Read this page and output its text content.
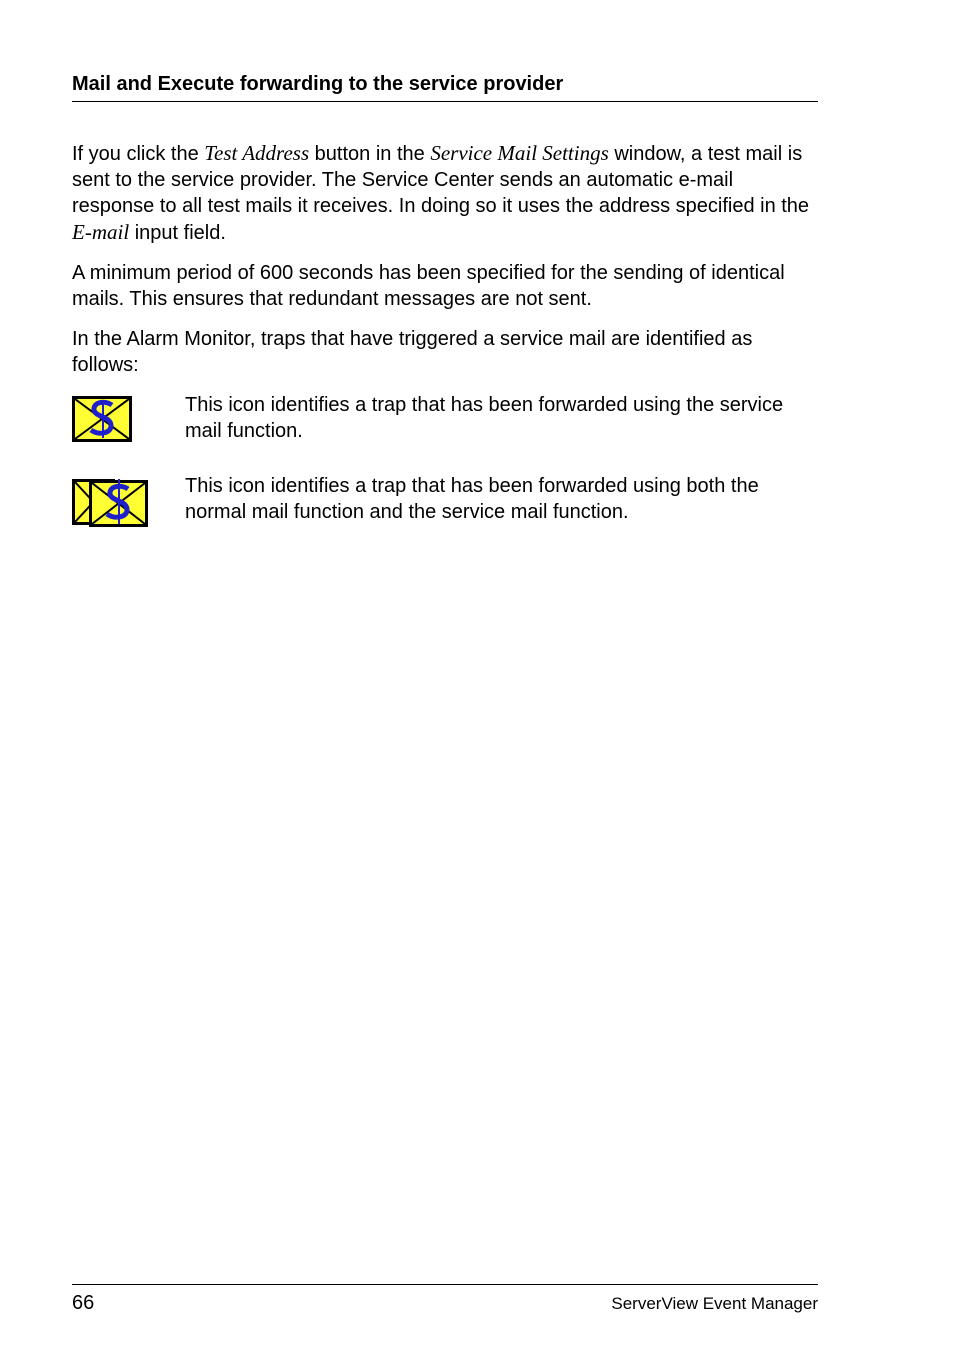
Mail and Execute forwarding to the service provider

If you click the Test Address button in the Service Mail Settings window, a test mail is sent to the service provider. The Service Center sends an automatic e-mail response to all test mails it receives. In doing so it uses the address specified in the E-mail input field.

A minimum period of 600 seconds has been specified for the sending of identical mails. This ensures that redundant messages are not sent.

In the Alarm Monitor, traps that have triggered a service mail are identified as follows:

This icon identifies a trap that has been forwarded using the service mail function.
This icon identifies a trap that has been forwarded using both the normal mail function and the service mail function.
66	ServerView Event Manager
